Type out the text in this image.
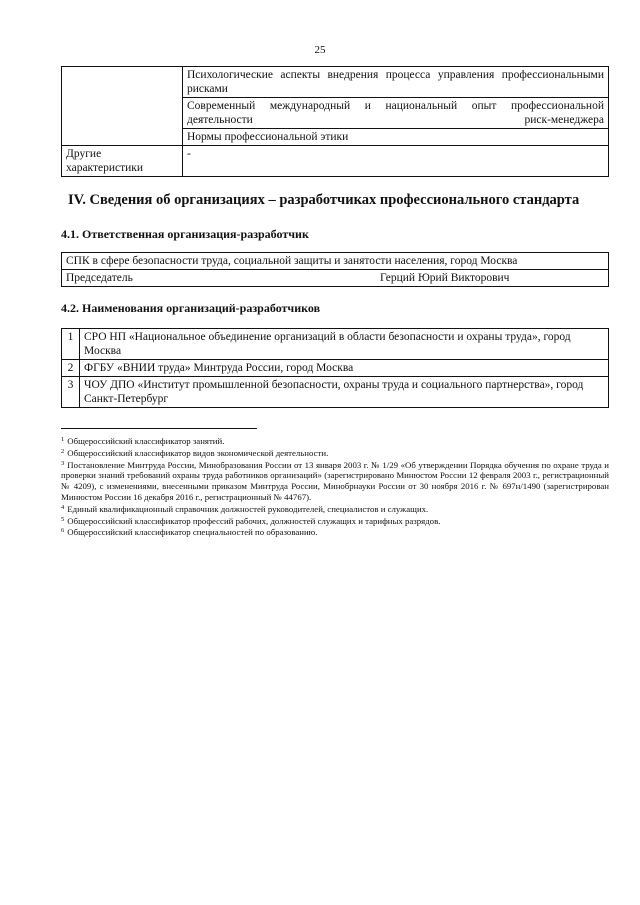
25
	Психологические аспекты внедрения процесса управления профессиональными рисками
	Современный международный и национальный опыт профессиональной деятельности риск-менеджера
	Нормы профессиональной этики
Другие характеристики	-
IV. Сведения об организациях – разработчиках профессионального стандарта
4.1. Ответственная организация-разработчик
СПК в сфере безопасности труда, социальной защиты и занятости населения, город Москва
Председатель	Герций Юрий Викторович
4.2. Наименования организаций-разработчиков
1	СРО НП «Национальное объединение организаций в области безопасности и охраны труда», город Москва
2	ФГБУ «ВНИИ труда» Минтруда России, город Москва
3	ЧОУ ДПО «Институт промышленной безопасности, охраны труда и социального партнерства», город Санкт-Петербург

$^1$ Общероссийский классификатор занятий.

$^2$ Общероссийский классификатор видов экономической деятельности.

$^3$ Постановление Минтруда России, Минобразования России от 13 января 2003 г. № 1/29 «Об утверждении Порядка обучения по охране труда и проверки знаний требований охраны труда работников организаций» (зарегистрировано Минюстом России 12 февраля 2003 г., регистрационный № 4209), с изменениями, внесенными приказом Минтруда России, Минобрнауки России от 30 ноября 2016 г. № 697н/1490 (зарегистрирован Минюстом России 16 декабря 2016 г., регистрационный № 44767).

$^4$ Единый квалификационный справочник должностей руководителей, специалистов и служащих.

$^5$ Общероссийский классификатор профессий рабочих, должностей служащих и тарифных разрядов.

$^6$ Общероссийский классификатор специальностей по образованию.
